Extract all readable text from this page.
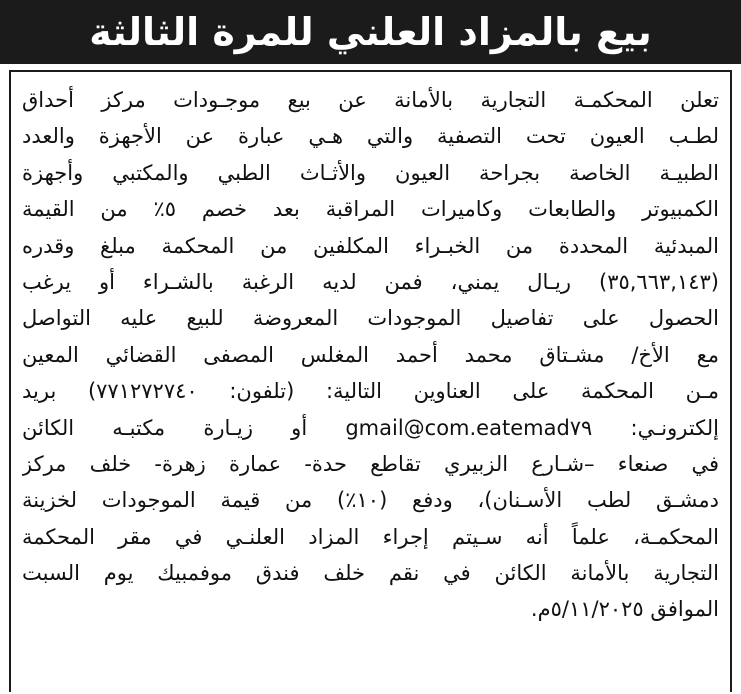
بيع بالمزاد العلني للمرة الثالثة
تعلن المحكمـة التجارية بالأمانة عن بيع موجـودات مركز أحداق
لطـب العيون تحت التصفية والتي هـي عبارة عن الأجهزة والعدد
الطبيـة الخاصة بجراحة العيون والأثـاث الطبي والمكتبي وأجهزة
الكمبيوتر والطابعات وكاميرات المراقبة بعد خصم ٥٪ من القيمة
المبدئية المحددة من الخبـراء المكلفين من المحكمة مبلغ وقدره
(٣٥,٦٦٣,١٤٣) ريـال يمني، فمن لديه الرغبة بالشـراء أو يرغب
الحصول على تفاصيل الموجودات المعروضة للبيع عليه التواصل
مع الأخ/ مشـتاق محمد أحمد المغلس المصفى القضائي المعين
مـن المحكمة على العناوين التالية: (تلفون: ٧٧١٢٧٢٧٤٠) بريد
إلكترونـي: gmail@com.eatemad٧٩ أو زيـارة مكتبـه الكائن
في صنعاء –شـارع الزبيري تقاطع حدة- عمارة زهرة- خلف مركز
دمشـق لطب الأسـنان)، ودفع (١٠٪) من قيمة الموجودات لخزينة
المحكمـة، علماً أنه سـيتم إجراء المزاد العلنـي في مقر المحكمة
التجارية بالأمانة الكائن في نقم خلف فندق موفمبيك يوم السبت
الموافق ٥/١١/٢٠٢٥م.
